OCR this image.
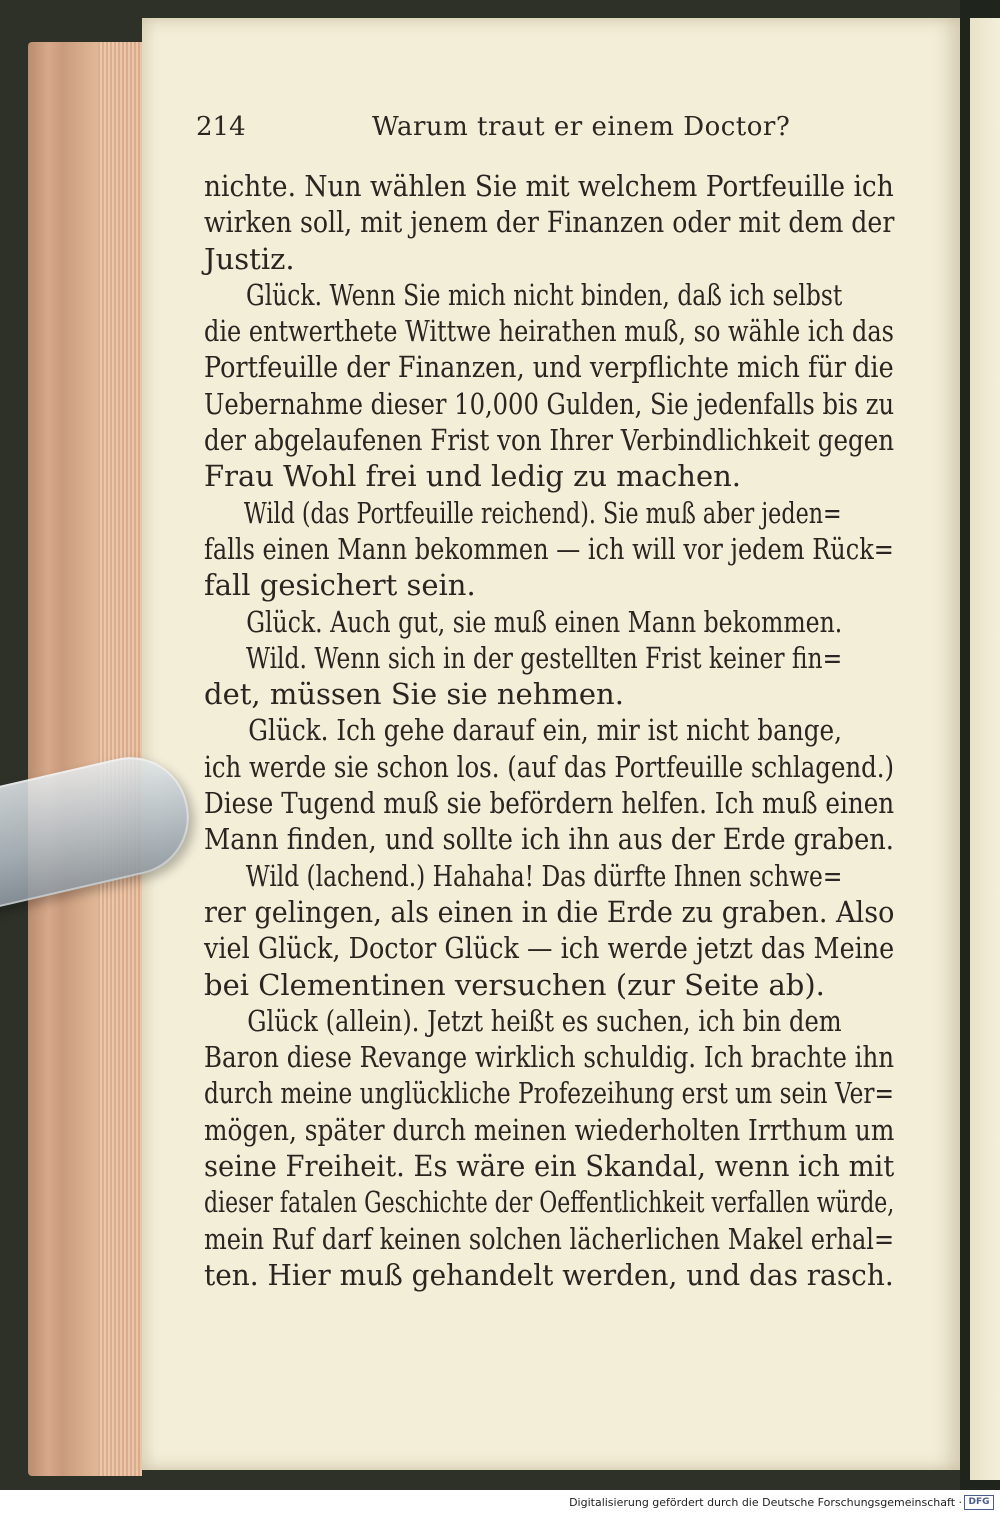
214	Warum traut er einem Doctor?
nichte. Nun wählen Sie mit welchem Portfeuille ich
wirken soll, mit jenem der Finanzen oder mit dem der
Justiz.
Glück. Wenn Sie mich nicht binden, daß ich selbst
die entwerthete Wittwe heirathen muß, so wähle ich das
Portfeuille der Finanzen, und verpflichte mich für die
Uebernahme dieser 10,000 Gulden, Sie jedenfalls bis zu
der abgelaufenen Frist von Ihrer Verbindlichkeit gegen
Frau Wohl frei und ledig zu machen.
Wild (das Portfeuille reichend). Sie muß aber jeden=
falls einen Mann bekommen — ich will vor jedem Rück=
fall gesichert sein.
Glück. Auch gut, sie muß einen Mann bekommen.
Wild. Wenn sich in der gestellten Frist keiner fin=
det, müssen Sie sie nehmen.
Glück. Ich gehe darauf ein, mir ist nicht bange,
ich werde sie schon los. (auf das Portfeuille schlagend.)
Diese Tugend muß sie befördern helfen. Ich muß einen
Mann finden, und sollte ich ihn aus der Erde graben.
Wild (lachend.) Hahaha! Das dürfte Ihnen schwe=
rer gelingen, als einen in die Erde zu graben. Also
viel Glück, Doctor Glück — ich werde jetzt das Meine
bei Clementinen versuchen (zur Seite ab).
Glück (allein). Jetzt heißt es suchen, ich bin dem
Baron diese Revange wirklich schuldig. Ich brachte ihn
durch meine unglückliche Profezeihung erst um sein Ver=
mögen, später durch meinen wiederholten Irrthum um
seine Freiheit. Es wäre ein Skandal, wenn ich mit
dieser fatalen Geschichte der Oeffentlichkeit verfallen würde,
mein Ruf darf keinen solchen lächerlichen Makel erhal=
ten. Hier muß gehandelt werden, und das rasch.
Digitalisierung gefördert durch die Deutsche Forschungsgemeinschaft · DFG
